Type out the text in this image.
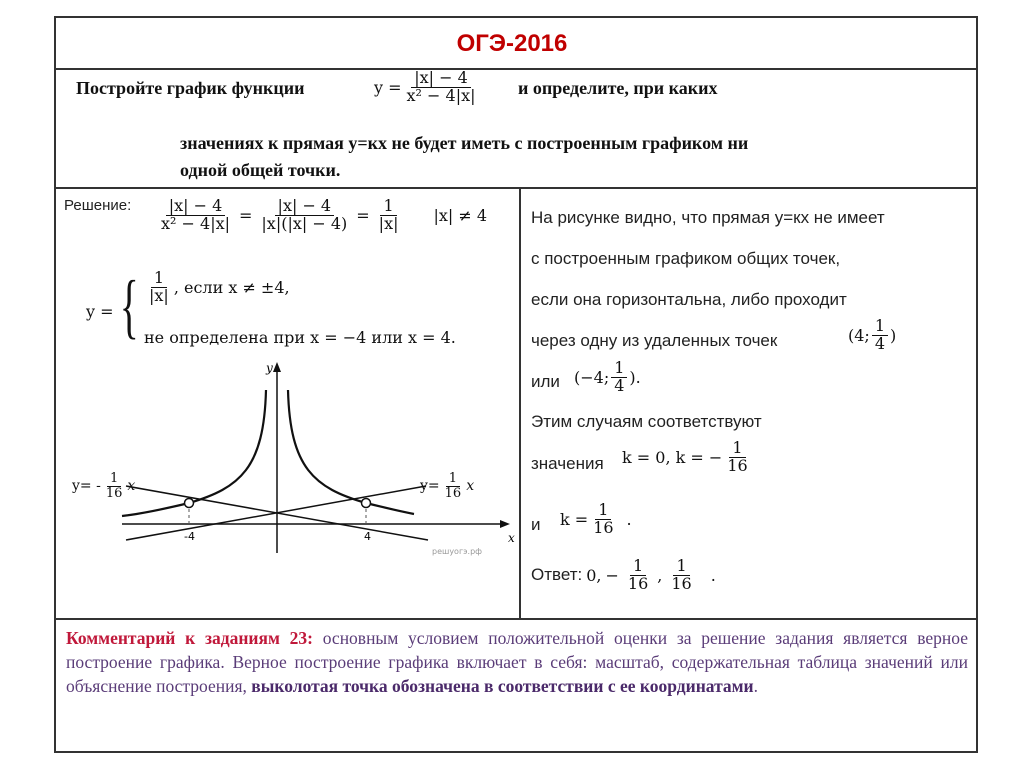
ОГЭ-2016
Постройте график функции	$y = \frac{|x| - 4}{\text{x² − 4|x|}}$ и определите, при каких
значениях к прямая у=кх не будет иметь с построенным графиком ни
одной общей точки.
Решение: $\frac{|x| - 4}{\text{x² − 4|x|}} = \frac{|x| - 4}{|x|(|x| - 4)} = \frac{1}{|x|} |x| \ne 4$
y = { $\frac{1}{|x|}$ , если x ≠ ±4,
не определена при x = −4 или x = 4.
y
x
-4	4
решуогэ.рф
$y= - \frac{1}{16}$ x	$y= \frac{1}{16}$ x
На рисунке видно, что прямая у=кх не имеет
с построенным графиком общих точек,
если она горизонтальна, либо проходит
через одну из удаленных точек	(4; $\frac{1}{4}$ )
или (−4; $\frac{1}{4}$ ).
Этим случаям соответствуют
значения k = 0, k = − $\frac{1}{16}$
и $k = \frac{1}{16}$ .
Ответ: 0, − $\frac{1}{16}$ , $\frac{1}{16}$ .
Комментарий к заданиям 23: основным условием положительной оценки за решение задания является верное построение графика. Верное построение графика включает в себя: масштаб, содержательная таблица значений или объяснение построения, выколотая точка обозначена в соответствии с ее координатами.
